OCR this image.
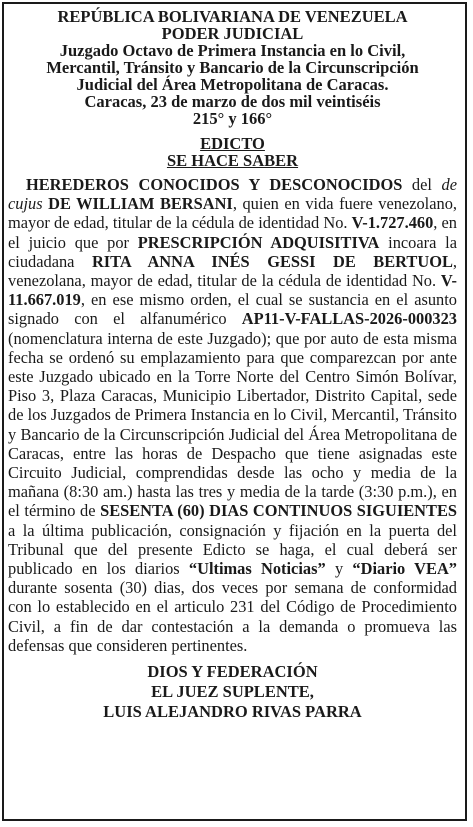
REPÚBLICA BOLIVARIANA DE VENEZUELA
PODER JUDICIAL
Juzgado Octavo de Primera Instancia en lo Civil,
Mercantil, Tránsito y Bancario de la Circunscripción
Judicial del Área Metropolitana de Caracas.
Caracas, 23 de marzo de dos mil veintiséis
215° y 166°
EDICTO
SE HACE SABER
HEREDEROS CONOCIDOS Y DESCONOCIDOS del de cujus DE WILLIAM BERSANI, quien en vida fuere venezolano, mayor de edad, titular de la cédula de identidad No. V-1.727.460, en el juicio que por PRESCRIPCIÓN ADQUISITIVA incoara la ciudadana RITA ANNA INÉS GESSI DE BERTUOL, venezolana, mayor de edad, titular de la cédula de identidad No. V-11.667.019, en ese mismo orden, el cual se sustancia en el asunto signado con el alfanumérico AP11-V-FALLAS-2026-000323 (nomenclatura interna de este Juzgado); que por auto de esta misma fecha se ordenó su emplazamiento para que comparezcan por ante este Juzgado ubicado en la Torre Norte del Centro Simón Bolívar, Piso 3, Plaza Caracas, Municipio Libertador, Distrito Capital, sede de los Juzgados de Primera Instancia en lo Civil, Mercantil, Tránsito y Bancario de la Circunscripción Judicial del Área Metropolitana de Caracas, entre las horas de Despacho que tiene asignadas este Circuito Judicial, comprendidas desde las ocho y media de la mañana (8:30 am.) hasta las tres y media de la tarde (3:30 p.m.), en el término de SESENTA (60) DIAS CONTINUOS SIGUIENTES a la última publicación, consignación y fijación en la puerta del Tribunal que del presente Edicto se haga, el cual deberá ser publicado en los diarios “Ultimas Noticias” y “Diario VEA” durante sosenta (30) dias, dos veces por semana de conformidad con lo establecido en el articulo 231 del Código de Procedimiento Civil, a fin de dar contestación a la demanda o promueva las defensas que consideren pertinentes.
DIOS Y FEDERACIÓN
EL JUEZ SUPLENTE,
LUIS ALEJANDRO RIVAS PARRA
